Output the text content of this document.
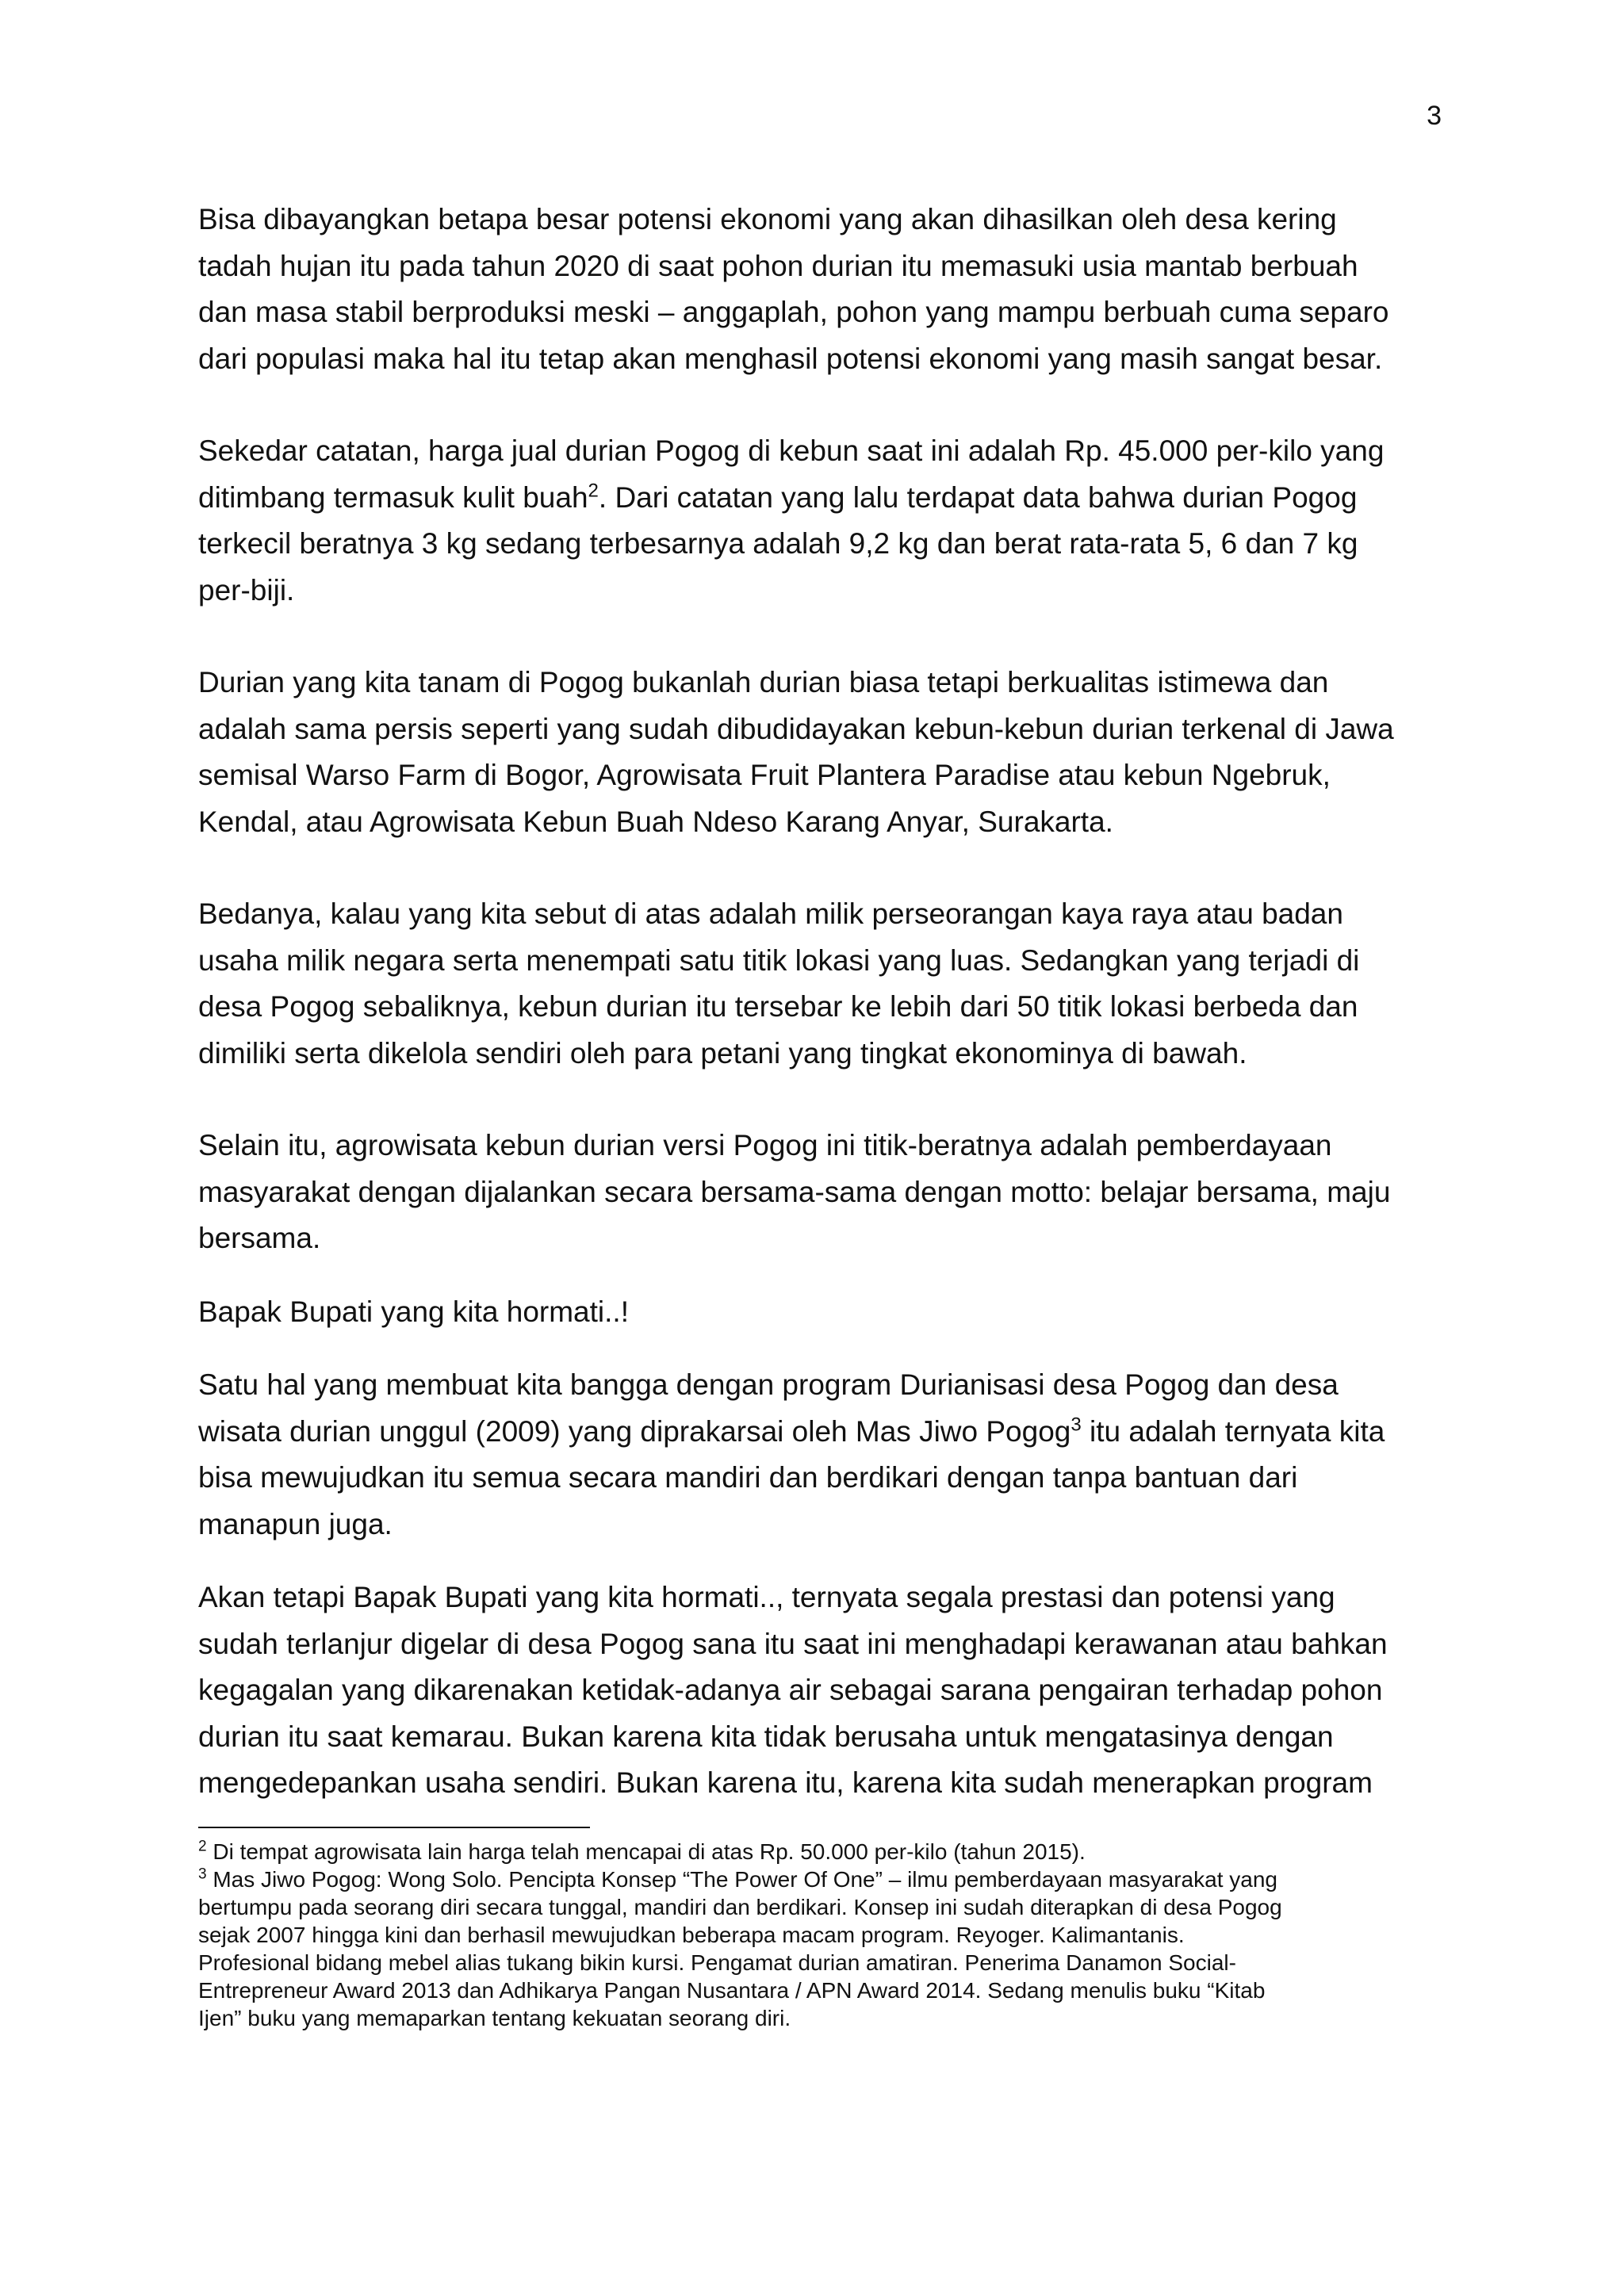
3

Bisa dibayangkan betapa besar potensi ekonomi yang akan dihasilkan oleh desa kering
tadah hujan itu pada tahun 2020 di saat pohon durian itu memasuki usia mantab berbuah
dan masa stabil berproduksi meski – anggaplah, pohon yang mampu berbuah cuma separo
dari populasi maka hal itu tetap akan menghasil potensi ekonomi yang masih sangat besar.

Sekedar catatan, harga jual durian Pogog di kebun saat ini adalah Rp. 45.000 per-kilo yang
ditimbang termasuk kulit buah$^2$. Dari catatan yang lalu terdapat data bahwa durian Pogog
terkecil beratnya 3 kg sedang terbesarnya adalah 9,2 kg dan berat rata-rata 5, 6 dan 7 kg
per-biji.

Durian yang kita tanam di Pogog bukanlah durian biasa tetapi berkualitas istimewa dan
adalah sama persis seperti yang sudah dibudidayakan kebun-kebun durian terkenal di Jawa
semisal Warso Farm di Bogor, Agrowisata Fruit Plantera Paradise atau kebun Ngebruk,
Kendal, atau Agrowisata Kebun Buah Ndeso Karang Anyar, Surakarta.

Bedanya, kalau yang kita sebut di atas adalah milik perseorangan kaya raya atau badan
usaha milik negara serta menempati satu titik lokasi yang luas. Sedangkan yang terjadi di
desa Pogog sebaliknya, kebun durian itu tersebar ke lebih dari 50 titik lokasi berbeda dan
dimiliki serta dikelola sendiri oleh para petani yang tingkat ekonominya di bawah.

Selain itu, agrowisata kebun durian versi Pogog ini titik-beratnya adalah pemberdayaan
masyarakat dengan dijalankan secara bersama-sama dengan motto: belajar bersama, maju
bersama.

Bapak Bupati yang kita hormati..!

Satu hal yang membuat kita bangga dengan program Durianisasi desa Pogog dan desa
wisata durian unggul (2009) yang diprakarsai oleh Mas Jiwo Pogog$^3$ itu adalah ternyata kita
bisa mewujudkan itu semua secara mandiri dan berdikari dengan tanpa bantuan dari
manapun juga.

Akan tetapi Bapak Bupati yang kita hormati.., ternyata segala prestasi dan potensi yang
sudah terlanjur digelar di desa Pogog sana itu saat ini menghadapi kerawanan atau bahkan
kegagalan yang dikarenakan ketidak-adanya air sebagai sarana pengairan terhadap pohon
durian itu saat kemarau. Bukan karena kita tidak berusaha untuk mengatasinya dengan
mengedepankan usaha sendiri. Bukan karena itu, karena kita sudah menerapkan program

$^2$ Di tempat agrowisata lain harga telah mencapai di atas Rp. 50.000 per-kilo (tahun 2015).

$^3$ Mas Jiwo Pogog: Wong Solo. Pencipta Konsep “The Power Of One” – ilmu pemberdayaan masyarakat yang
bertumpu pada seorang diri secara tunggal, mandiri dan berdikari. Konsep ini sudah diterapkan di desa Pogog
sejak 2007 hingga kini dan berhasil mewujudkan beberapa macam program. Reyoger. Kalimantanis.
Profesional bidang mebel alias tukang bikin kursi. Pengamat durian amatiran. Penerima Danamon Social-
Entrepreneur Award 2013 dan Adhikarya Pangan Nusantara / APN Award 2014. Sedang menulis buku “Kitab
Ijen” buku yang memaparkan tentang kekuatan seorang diri.
